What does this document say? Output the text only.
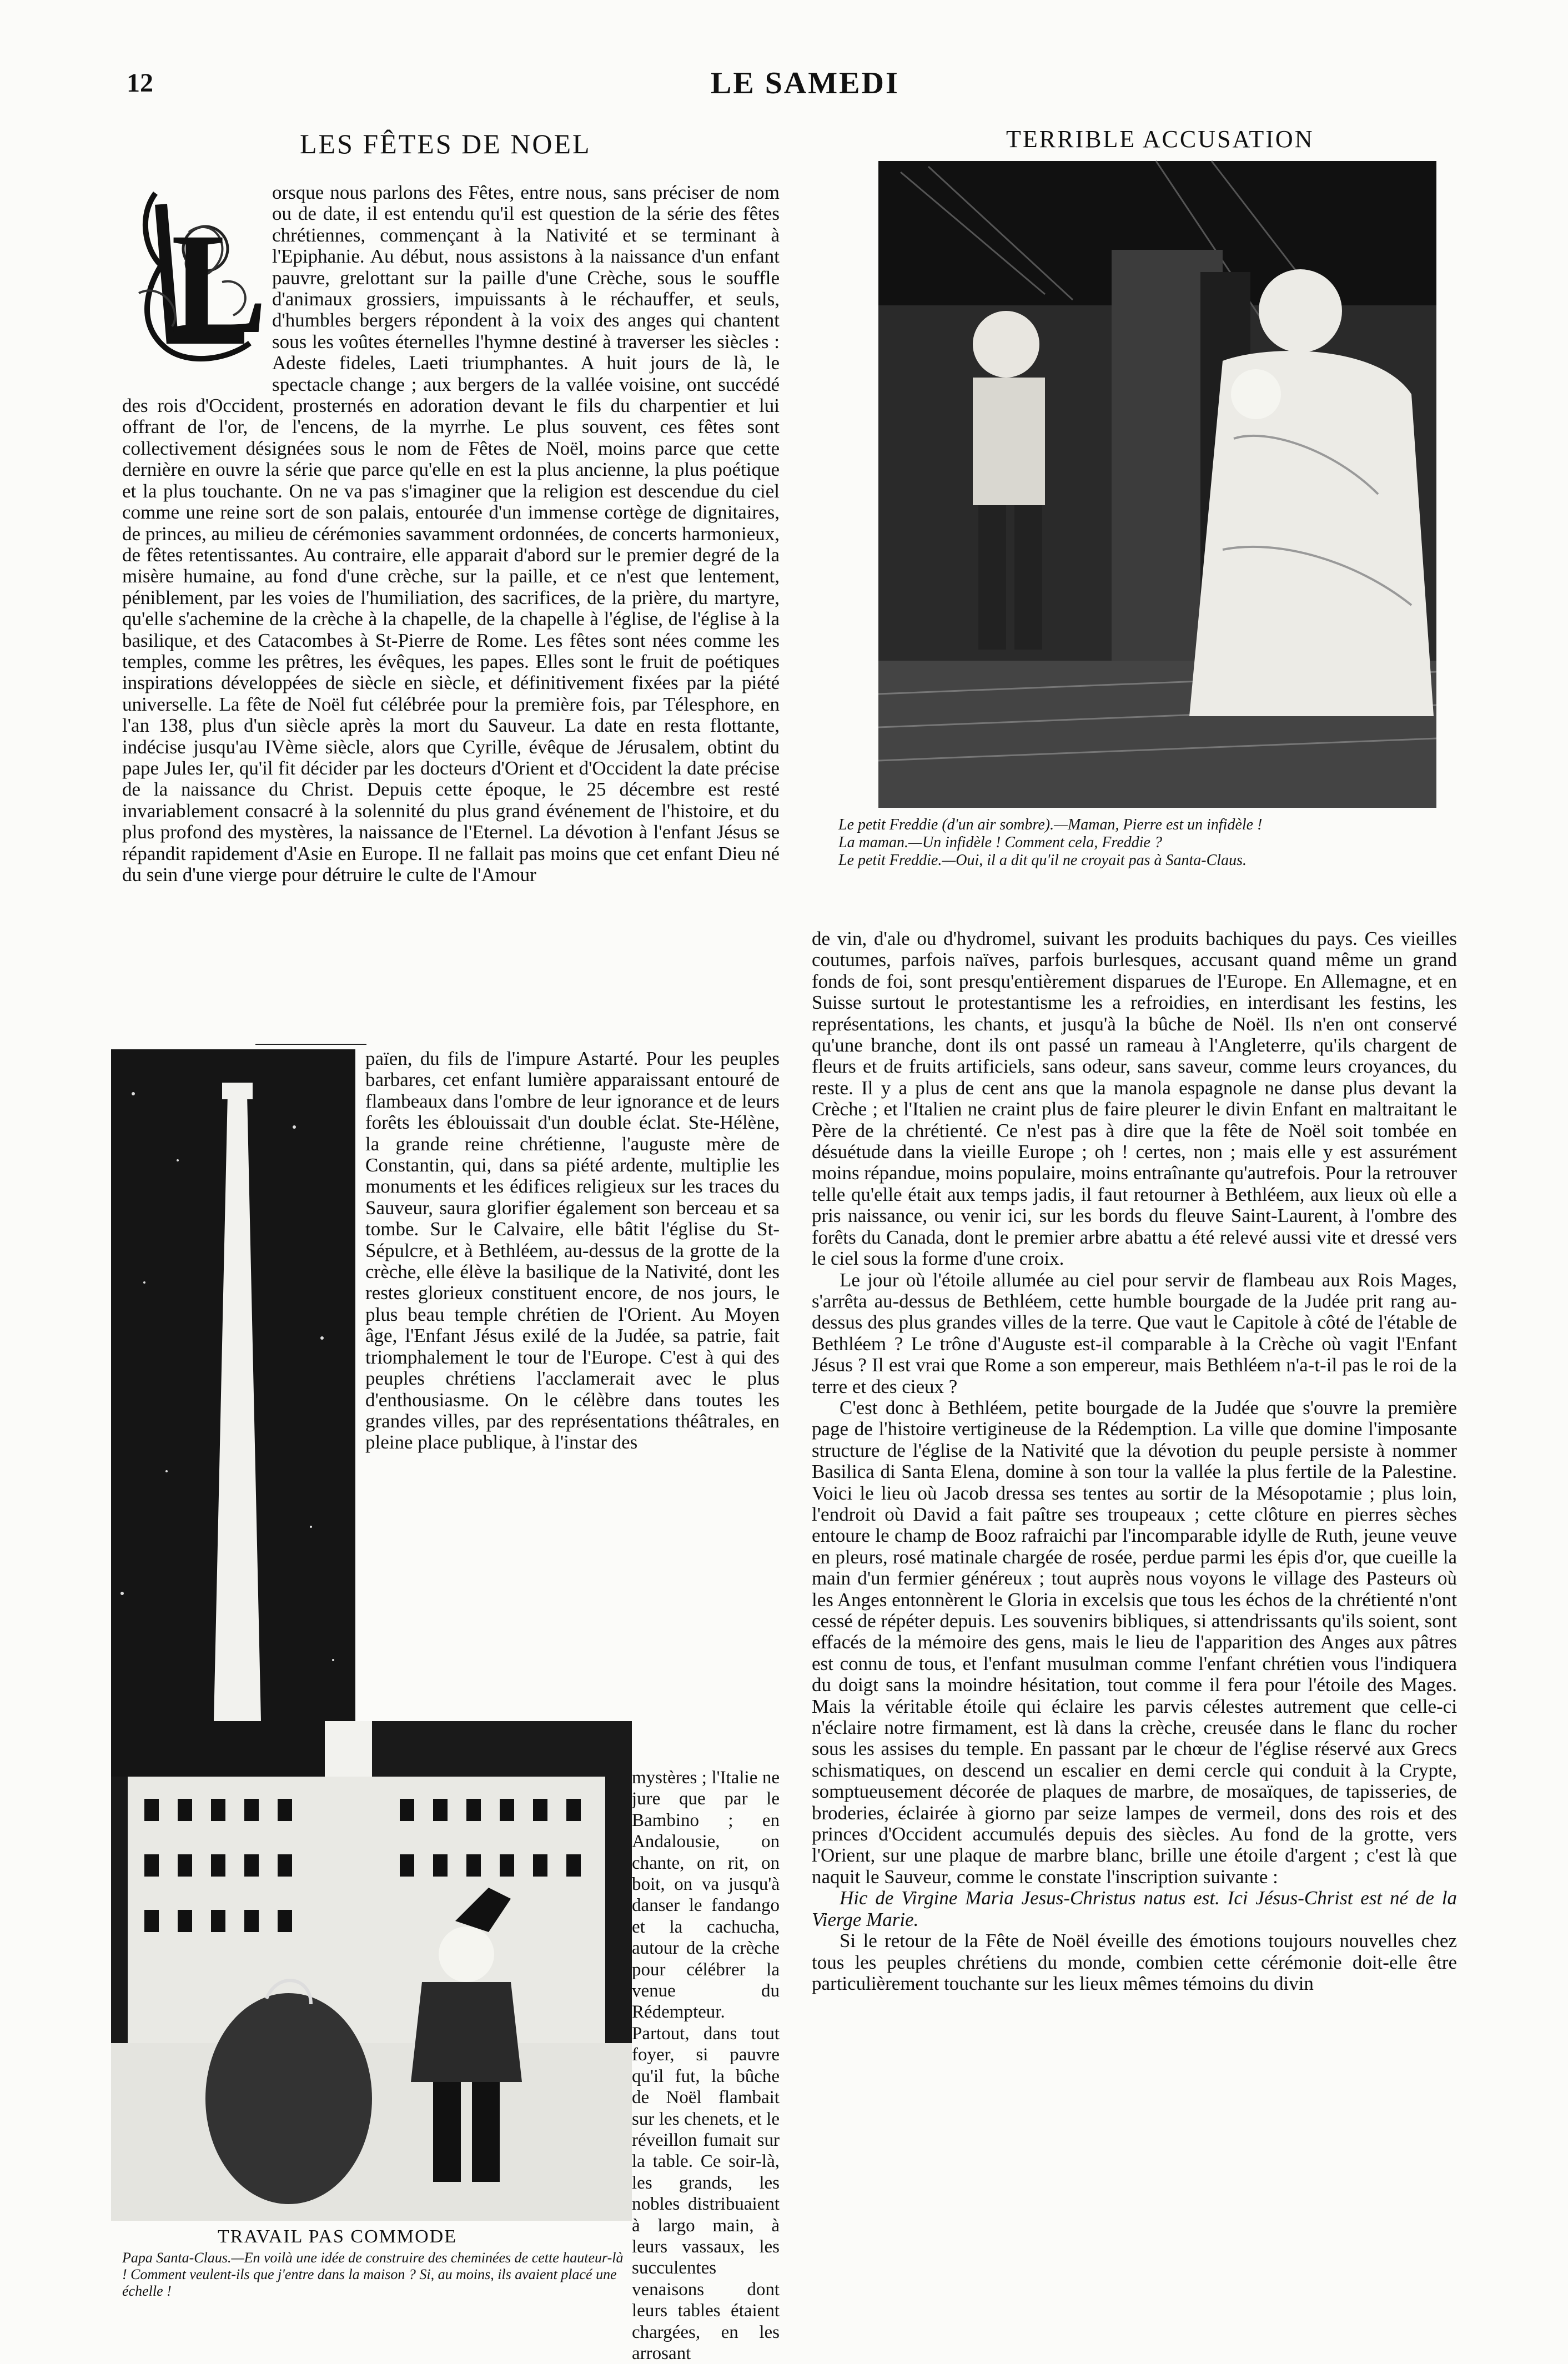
12	LE SAMEDI
LES FÊTES DE NOEL	TERRIBLE ACCUSATION
L

orsque nous parlons des Fêtes, entre nous, sans préciser de nom ou de date, il est entendu qu'il est question de la série des fêtes chrétiennes, commençant à la Nativité et se terminant à l'Epiphanie. Au début, nous assistons à la naissance d'un enfant pauvre, grelottant sur la paille d'une Crèche, sous le souffle d'animaux grossiers, impuissants à le réchauffer, et seuls, d'humbles bergers répondent à la voix des anges qui chantent sous les voûtes éternelles l'hymne destiné à traverser les siècles : Adeste fideles, Laeti triumphantes. A huit jours de là, le spectacle change ; aux bergers de la vallée voisine, ont succédé des rois d'Occident, prosternés en adoration devant le fils du charpentier et lui offrant de l'or, de l'encens, de la myrrhe. Le plus souvent, ces fêtes sont collectivement désignées sous le nom de Fêtes de Noël, moins parce que cette dernière en ouvre la série que parce qu'elle en est la plus ancienne, la plus poétique et la plus touchante. On ne va pas s'imaginer que la religion est descendue du ciel comme une reine sort de son palais, entourée d'un immense cortège de dignitaires, de princes, au milieu de cérémonies savamment ordonnées, de concerts harmonieux, de fêtes retentissantes. Au contraire, elle apparait d'abord sur le premier degré de la misère humaine, au fond d'une crèche, sur la paille, et ce n'est que lentement, péniblement, par les voies de l'humiliation, des sacrifices, de la prière, du martyre, qu'elle s'achemine de la crèche à la chapelle, de la chapelle à l'église, de l'église à la basilique, et des Catacombes à St-Pierre de Rome. Les fêtes sont nées comme les temples, comme les prêtres, les évêques, les papes. Elles sont le fruit de poétiques inspirations développées de siècle en siècle, et définitivement fixées par la piété universelle. La fête de Noël fut célébrée pour la première fois, par Télesphore, en l'an 138, plus d'un siècle après la mort du Sauveur. La date en resta flottante, indécise jusqu'au IVème siècle, alors que Cyrille, évêque de Jérusalem, obtint du pape Jules Ier, qu'il fit décider par les docteurs d'Orient et d'Occident la date précise de la naissance du Christ. Depuis cette époque, le 25 décembre est resté invariablement consacré à la solennité du plus grand événement de l'histoire, et du plus profond des mystères, la naissance de l'Eternel. La dévotion à l'enfant Jésus se répandit rapidement d'Asie en Europe. Il ne fallait pas moins que cet enfant Dieu né du sein d'une vierge pour détruire le culte de l'Amour

païen, du fils de l'impure Astarté. Pour les peuples barbares, cet enfant lumière apparaissant entouré de flambeaux dans l'ombre de leur ignorance et de leurs forêts les éblouissait d'un double éclat. Ste-Hélène, la grande reine chrétienne, l'auguste mère de Constantin, qui, dans sa piété ardente, multiplie les monuments et les édifices religieux sur les traces du Sauveur, saura glorifier également son berceau et sa tombe. Sur le Calvaire, elle bâtit l'église du St-Sépulcre, et à Bethléem, au-dessus de la grotte de la crèche, elle élève la basilique de la Nativité, dont les restes glorieux constituent encore, de nos jours, le plus beau temple chrétien de l'Orient. Au Moyen âge, l'Enfant Jésus exilé de la Judée, sa patrie, fait triomphalement le tour de l'Europe. C'est à qui des peuples chrétiens l'acclamerait avec le plus d'enthousiasme. On le célèbre dans toutes les grandes villes, par des représentations théâtrales, en pleine place publique, à l'instar des

mystères ; l'Italie ne jure que par le Bambino ; en Andalousie, on chante, on rit, on boit, on va jusqu'à danser le fandango et la cachucha, autour de la crèche pour célébrer la venue du Rédempteur. Partout, dans tout foyer, si pauvre qu'il fut, la bûche de Noël flambait sur les chenets, et le réveillon fumait sur la table. Ce soir-là, les grands, les nobles distribuaient à largo main, à leurs vassaux, les succulentes venaisons dont leurs tables étaient chargées, en les arrosant

de vin, d'ale ou d'hydromel, suivant les produits bachiques du pays. Ces vieilles coutumes, parfois naïves, parfois burlesques, accusant quand même un grand fonds de foi, sont presqu'entièrement disparues de l'Europe. En Allemagne, et en Suisse surtout le protestantisme les a refroidies, en interdisant les festins, les représentations, les chants, et jusqu'à la bûche de Noël. Ils n'en ont conservé qu'une branche, dont ils ont passé un rameau à l'Angleterre, qu'ils chargent de fleurs et de fruits artificiels, sans odeur, sans saveur, comme leurs croyances, du reste. Il y a plus de cent ans que la manola espagnole ne danse plus devant la Crèche ; et l'Italien ne craint plus de faire pleurer le divin Enfant en maltraitant le Père de la chrétienté. Ce n'est pas à dire que la fête de Noël soit tombée en désuétude dans la vieille Europe ; oh ! certes, non ; mais elle y est assurément moins répandue, moins populaire, moins entraînante qu'autrefois. Pour la retrouver telle qu'elle était aux temps jadis, il faut retourner à Bethléem, aux lieux où elle a pris naissance, ou venir ici, sur les bords du fleuve Saint-Laurent, à l'ombre des forêts du Canada, dont le premier arbre abattu a été relevé aussi vite et dressé vers le ciel sous la forme d'une croix.

Le jour où l'étoile allumée au ciel pour servir de flambeau aux Rois Mages, s'arrêta au-dessus de Bethléem, cette humble bourgade de la Judée prit rang au-dessus des plus grandes villes de la terre. Que vaut le Capitole à côté de l'étable de Bethléem ? Le trône d'Auguste est-il comparable à la Crèche où vagit l'Enfant Jésus ? Il est vrai que Rome a son empereur, mais Bethléem n'a-t-il pas le roi de la terre et des cieux ?

C'est donc à Bethléem, petite bourgade de la Judée que s'ouvre la première page de l'histoire vertigineuse de la Rédemption. La ville que domine l'imposante structure de l'église de la Nativité que la dévotion du peuple persiste à nommer Basilica di Santa Elena, domine à son tour la vallée la plus fertile de la Palestine. Voici le lieu où Jacob dressa ses tentes au sortir de la Mésopotamie ; plus loin, l'endroit où David a fait paître ses troupeaux ; cette clôture en pierres sèches entoure le champ de Booz rafraichi par l'incomparable idylle de Ruth, jeune veuve en pleurs, rosé matinale chargée de rosée, perdue parmi les épis d'or, que cueille la main d'un fermier généreux ; tout auprès nous voyons le village des Pasteurs où les Anges entonnèrent le Gloria in excelsis que tous les échos de la chrétienté n'ont cessé de répéter depuis. Les souvenirs bibliques, si attendrissants qu'ils soient, sont effacés de la mémoire des gens, mais le lieu de l'apparition des Anges aux pâtres est connu de tous, et l'enfant musulman comme l'enfant chrétien vous l'indiquera du doigt sans la moindre hésitation, tout comme il fera pour l'étoile des Mages. Mais la véritable étoile qui éclaire les parvis célestes autrement que celle-ci n'éclaire notre firmament, est là dans la crèche, creusée dans le flanc du rocher sous les assises du temple. En passant par le chœur de l'église réservé aux Grecs schismatiques, on descend un escalier en demi cercle qui conduit à la Crypte, somptueusement décorée de plaques de marbre, de mosaïques, de tapisseries, de broderies, éclairée à giorno par seize lampes de vermeil, dons des rois et des princes d'Occident accumulés depuis des siècles. Au fond de la grotte, vers l'Orient, sur une plaque de marbre blanc, brille une étoile d'argent ; c'est là que naquit le Sauveur, comme le constate l'inscription suivante :

Hic de Virgine Maria Jesus-Christus natus est. Ici Jésus-Christ est né de la Vierge Marie.

Si le retour de la Fête de Noël éveille des émotions toujours nouvelles chez tous les peuples chrétiens du monde, combien cette cérémonie doit-elle être particulièrement touchante sur les lieux mêmes témoins du divin

Le petit Freddie (d'un air sombre).—Maman, Pierre est un infidèle !
La maman.—Un infidèle ! Comment cela, Freddie ?
Le petit Freddie.—Oui, il a dit qu'il ne croyait pas à Santa-Claus.
TRAVAIL PAS COMMODE
Papa Santa-Claus.—En voilà une idée de construire des cheminées de cette hauteur-là ! Comment veulent-ils que j'entre dans la maison ? Si, au moins, ils avaient placé une échelle !
